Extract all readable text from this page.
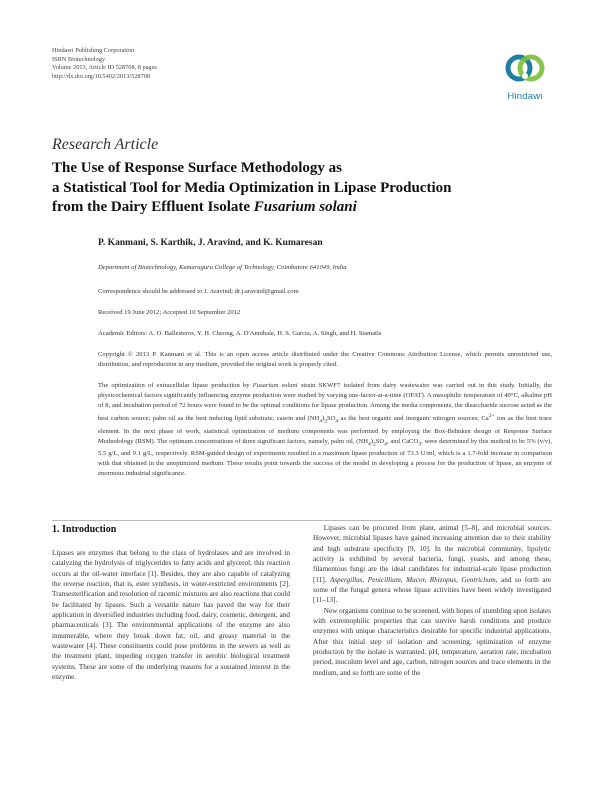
Hindawi Publishing Corporation
ISRN Biotechnology
Volume 2013, Article ID 528708, 8 pages
http://dx.doi.org/10.5402/2013/528708
Hindawi
Research Article
The Use of Response Surface Methodology as
a Statistical Tool for Media Optimization in Lipase Production
from the Dairy Effluent Isolate Fusarium solani
P. Kanmani, S. Karthik, J. Aravind, and K. Kumaresan
Department of Biotechnology, Kumaraguru College of Technology, Coimbatore 641049, India
Correspondence should be addressed to J. Aravind; dr.j.aravind@gmail.com
Received 19 June 2012; Accepted 10 September 2012
Academic Editors: A. O. Ballesteros, Y. H. Cheong, A. D'Annibale, H. S. Garcia, A. Singh, and H. Stamatis
Copyright © 2013 P. Kanmani et al. This is an open access article distributed under the Creative Commons Attribution License, which permits unrestricted use, distribution, and reproduction in any medium, provided the original work is properly cited.
The optimization of extracellular lipase production by Fusarium solani strain SKWF7 isolated from dairy wastewater was carried out in this study. Initially, the physicochemical factors significantly influencing enzyme production were studied by varying one-factor-at-a-time (OFAT). A mesophilic temperature of 40°C, alkaline pH of 8, and incubation period of 72 hours were found to be the optimal conditions for lipase production. Among the media components, the disaccharide sucrose acted as the best carbon source; palm oil as the best inducing lipid substrate; casein and $(NH_4)_2SO_4$ as the best organic and inorganic nitrogen sources; $Ca^{2+}$ ion as the best trace element. In the next phase of work, statistical optimization of medium components was performed by employing the Box-Behnken design of Response Surface Methodology (RSM). The optimum concentrations of three significant factors, namely, palm oil, $(NH_4)_2SO_4$, and CaCO$_3$, were determined by this method to be 5% (v/v), 5.5 g/L, and 0.1 g/L, respectively. RSM-guided design of experiments resulted in a maximum lipase production of 73.3 U/ml, which is a 1.7-fold increase in comparison with that obtained in the unoptimized medium. These results point towards the success of the model in developing a process for the production of lipase, an enzyme of enormous industrial significance.
1. Introduction

Lipases are enzymes that belong to the class of hydrolases and are involved in catalyzing the hydrolysis of triglycerides to fatty acids and glycerol, this reaction occurs at the oil-water interface [1]. Besides, they are also capable of catalyzing the reverse reaction, that is, ester synthesis, in water-restricted environments [2]. Transesterification and resolution of racemic mixtures are also reactions that could be facilitated by lipases. Such a versatile nature has paved the way for their application in diversified industries including food, dairy, cosmetic, detergent, and pharmaceuticals [3]. The environmental applications of the enzyme are also innumerable, where they break down fat, oil, and greasy material in the wastewater [4]. These constituents could pose problems in the sewers as well as the treatment plant, impeding oxygen transfer in aerobic biological treatment systems. These are some of the underlying reasons for a sustained interest in the enzyme.

  Lipases can be procured from plant, animal [5–8], and microbial sources. However, microbial lipases have gained increasing attention due to their stability and high substrate specificity [9, 10]. In the microbial community, lipolytic activity is exhibited by several bacteria, fungi, yeasts, and among these, filamentous fungi are the ideal candidates for industrial-scale lipase production [11]. Aspergillus, Penicillium, Mucor, Rhizopus, Geotrichum, and so forth are some of the fungal genera whose lipase activities have been widely investigated [11–13].

  New organisms continue to be screened, with hopes of stumbling upon isolates with extremophilic properties that can survive harsh conditions and produce enzymes with unique characteristics desirable for specific industrial applications. After this initial step of isolation and screening, optimization of enzyme production by the isolate is warranted. pH, temperature, aeration rate, incubation period, inoculum level and age, carbon, nitrogen sources and trace elements in the medium, and so forth are some of the
